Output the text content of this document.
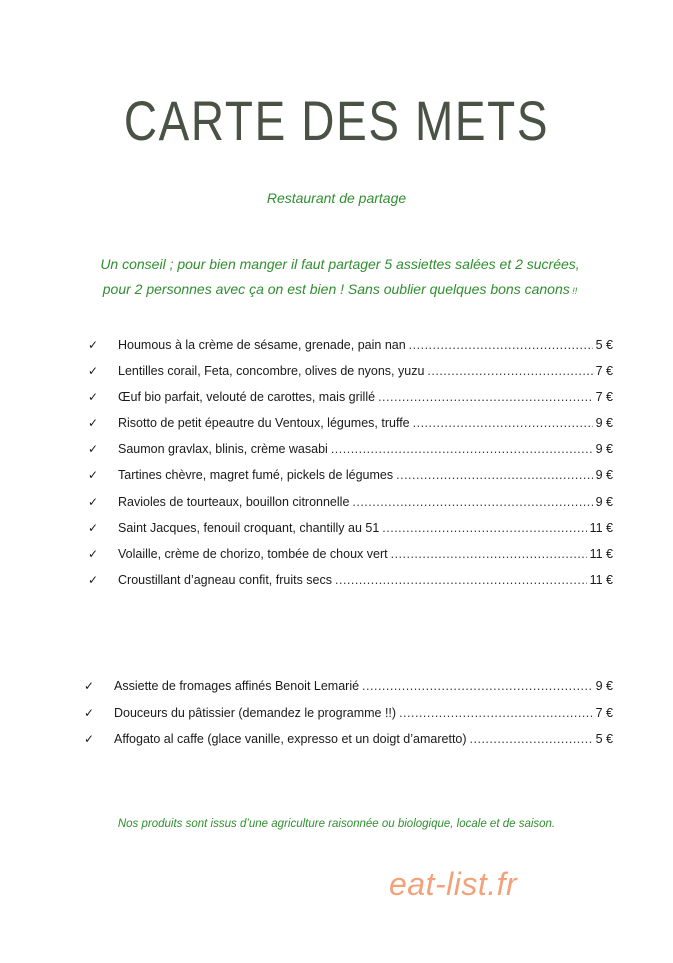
CARTE DES METS
Restaurant de partage
Un conseil ; pour bien manger il faut partager 5 assiettes salées et 2 sucrées,
pour 2 personnes avec ça on est bien ! Sans oublier quelques bons canons !!
✓	Houmous à la crème de sésame, grenade, pain nan .....	5 €
✓	Lentilles corail, Feta, concombre, olives de nyons, yuzu .....	7 €
✓	Œuf bio parfait, velouté de carottes, mais grillé .....	7 €
✓	Risotto de petit épeautre du Ventoux, légumes, truffe .....	9 €
✓	Saumon gravlax, blinis, crème wasabi .....	9 €
✓	Tartines chèvre, magret fumé, pickels de légumes .....	9 €
✓	Ravioles de tourteaux, bouillon citronnelle .....	9 €
✓	Saint Jacques, fenouil croquant, chantilly au 51 .....	11 €
✓	Volaille, crème de chorizo, tombée de choux vert .....	11 €
✓	Croustillant d’agneau confit, fruits secs .....	11 €
✓	Assiette de fromages affinés Benoit Lemarié .....	9 €
✓	Douceurs du pâtissier (demandez le programme !!) .....	7 €
✓	Affogato al caffe (glace vanille, expresso et un doigt d’amaretto) .....	5 €
Nos produits sont issus d’une agriculture raisonnée ou biologique, locale et de saison.
eat-list.fr
